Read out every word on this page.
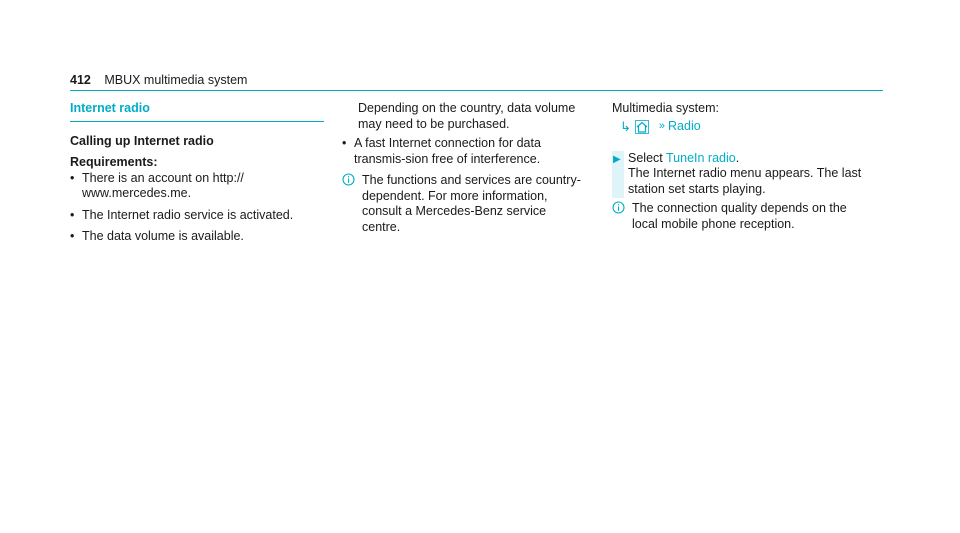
412 MBUX multimedia system
Internet radio
Calling up Internet radio
Requirements:
• There is an account on http://
www.mercedes.me.
• The Internet radio service is activated.
• The data volume is available.
Depending on the country, data volume may need to be purchased.
• A fast Internet connection for data transmis-sion free of interference.
The functions and services are country-dependent. For more information, consult a Mercedes-Benz service centre.
Multimedia system:
↳	» Radio
▶ Select TuneIn radio.
The Internet radio menu appears. The last station set starts playing.
The connection quality depends on the local mobile phone reception.
